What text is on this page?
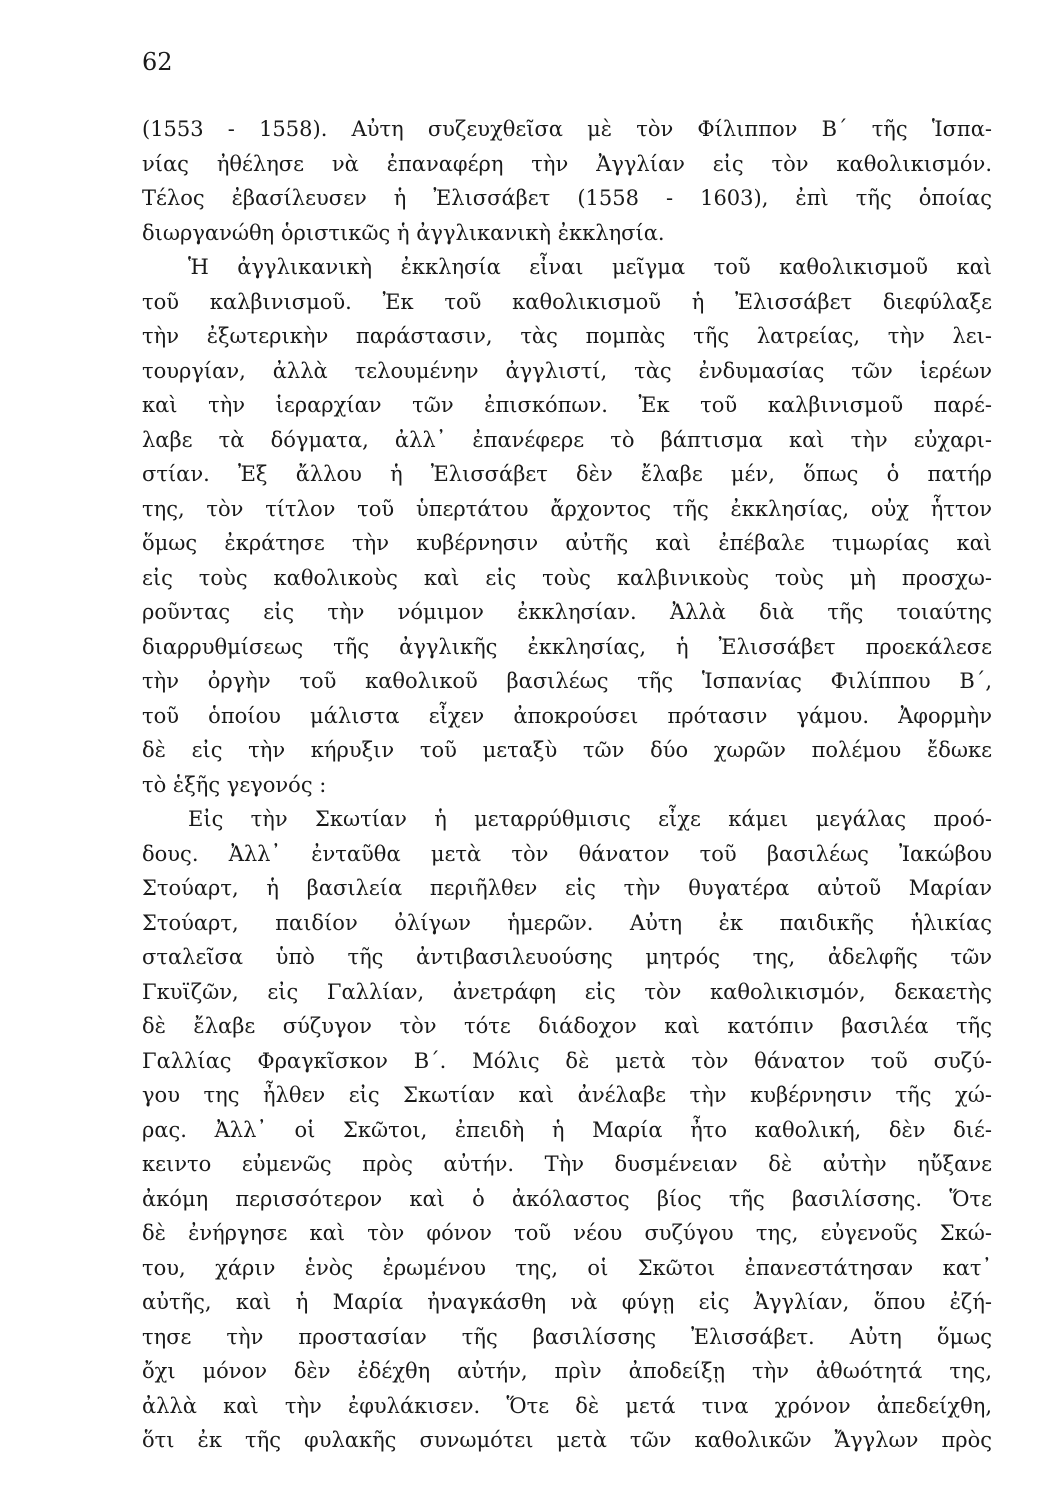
62
(1553 - 1558). Αὐτη συζευχθεῖσα μὲ τὸν Φίλιππον Β΄ τῆς Ἱσπα-
νίας ἠθέλησε νὰ ἐπαναφέρη τὴν Ἀγγλίαν εἰς τὸν καθολικισμόν.
Τέλος ἐβασίλευσεν ἡ Ἐλισσάβετ (1558 - 1603), ἐπὶ τῆς ὁποίας
διωργανώθη ὁριστικῶς ἡ ἀγγλικανικὴ ἐκκλησία.
Ἡ ἀγγλικανικὴ ἐκκλησία εἶναι μεῖγμα τοῦ καθολικισμοῦ καὶ
τοῦ καλβινισμοῦ. Ἐκ τοῦ καθολικισμοῦ ἡ Ἐλισσάβετ διεφύλαξε
τὴν ἐξωτερικὴν παράστασιν, τὰς πομπὰς τῆς λατρείας, τὴν λει-
τουργίαν, ἀλλὰ τελουμένην ἀγγλιστί, τὰς ἐνδυμασίας τῶν ἱερέων
καὶ τὴν ἱεραρχίαν τῶν ἐπισκόπων. Ἐκ τοῦ καλβινισμοῦ παρέ-
λαβε τὰ δόγματα, ἀλλ᾽ ἐπανέφερε τὸ βάπτισμα καὶ τὴν εὐχαρι-
στίαν. Ἐξ ἄλλου ἡ Ἐλισσάβετ δὲν ἔλαβε μέν, ὅπως ὁ πατήρ
της, τὸν τίτλον τοῦ ὑπερτάτου ἄρχοντος τῆς ἐκκλησίας, οὐχ ἧττον
ὅμως ἐκράτησε τὴν κυβέρνησιν αὐτῆς καὶ ἐπέβαλε τιμωρίας καὶ
εἰς τοὺς καθολικοὺς καὶ εἰς τοὺς καλβινικοὺς τοὺς μὴ προσχω-
ροῦντας εἰς τὴν νόμιμον ἐκκλησίαν. Ἀλλὰ διὰ τῆς τοιαύτης
διαρρυθμίσεως τῆς ἀγγλικῆς ἐκκλησίας, ἡ Ἐλισσάβετ προεκάλεσε
τὴν ὀργὴν τοῦ καθολικοῦ βασιλέως τῆς Ἱσπανίας Φιλίππου Β΄,
τοῦ ὁποίου μάλιστα εἶχεν ἀποκρούσει πρότασιν γάμου. Ἀφορμὴν
δὲ εἰς τὴν κήρυξιν τοῦ μεταξὺ τῶν δύο χωρῶν πολέμου ἔδωκε
τὸ ἑξῆς γεγονός :
Εἰς τὴν Σκωτίαν ἡ μεταρρύθμισις εἶχε κάμει μεγάλας προό-
δους. Ἀλλ᾽ ἐνταῦθα μετὰ τὸν θάνατον τοῦ βασιλέως Ἰακώβου
Στούαρτ, ἡ βασιλεία περιῆλθεν εἰς τὴν θυγατέρα αὐτοῦ Μαρίαν
Στούαρτ, παιδίον ὀλίγων ἡμερῶν. Αὐτη ἐκ παιδικῆς ἡλικίας
σταλεῖσα ὑπὸ τῆς ἀντιβασιλευούσης μητρός της, ἀδελφῆς τῶν
Γκυϊζῶν, εἰς Γαλλίαν, ἀνετράφη εἰς τὸν καθολικισμόν, δεκαετὴς
δὲ ἔλαβε σύζυγον τὸν τότε διάδοχον καὶ κατόπιν βασιλέα τῆς
Γαλλίας Φραγκῖσκον Β΄. Μόλις δὲ μετὰ τὸν θάνατον τοῦ συζύ-
γου της ἦλθεν εἰς Σκωτίαν καὶ ἀνέλαβε τὴν κυβέρνησιν τῆς χώ-
ρας. Ἀλλ᾽ οἱ Σκῶτοι, ἐπειδὴ ἡ Μαρία ἦτο καθολική, δὲν διέ-
κειντο εὐμενῶς πρὸς αὐτήν. Τὴν δυσμένειαν δὲ αὐτὴν ηὔξανε
ἀκόμη περισσότερον καὶ ὁ ἀκόλαστος βίος τῆς βασιλίσσης. Ὅτε
δὲ ἐνήργησε καὶ τὸν φόνον τοῦ νέου συζύγου της, εὐγενοῦς Σκώ-
του, χάριν ἑνὸς ἐρωμένου της, οἱ Σκῶτοι ἐπανεστάτησαν κατ᾽
αὐτῆς, καὶ ἡ Μαρία ἠναγκάσθη νὰ φύγῃ εἰς Ἀγγλίαν, ὅπου ἐζή-
τησε τὴν προστασίαν τῆς βασιλίσσης Ἐλισσάβετ. Αὐτη ὅμως
ὄχι μόνον δὲν ἐδέχθη αὐτήν, πρὶν ἀποδείξῃ τὴν ἀθωότητά της,
ἀλλὰ καὶ τὴν ἐφυλάκισεν. Ὅτε δὲ μετά τινα χρόνον ἀπεδείχθη,
ὅτι ἐκ τῆς φυλακῆς συνωμότει μετὰ τῶν καθολικῶν Ἄγγλων πρὸς
